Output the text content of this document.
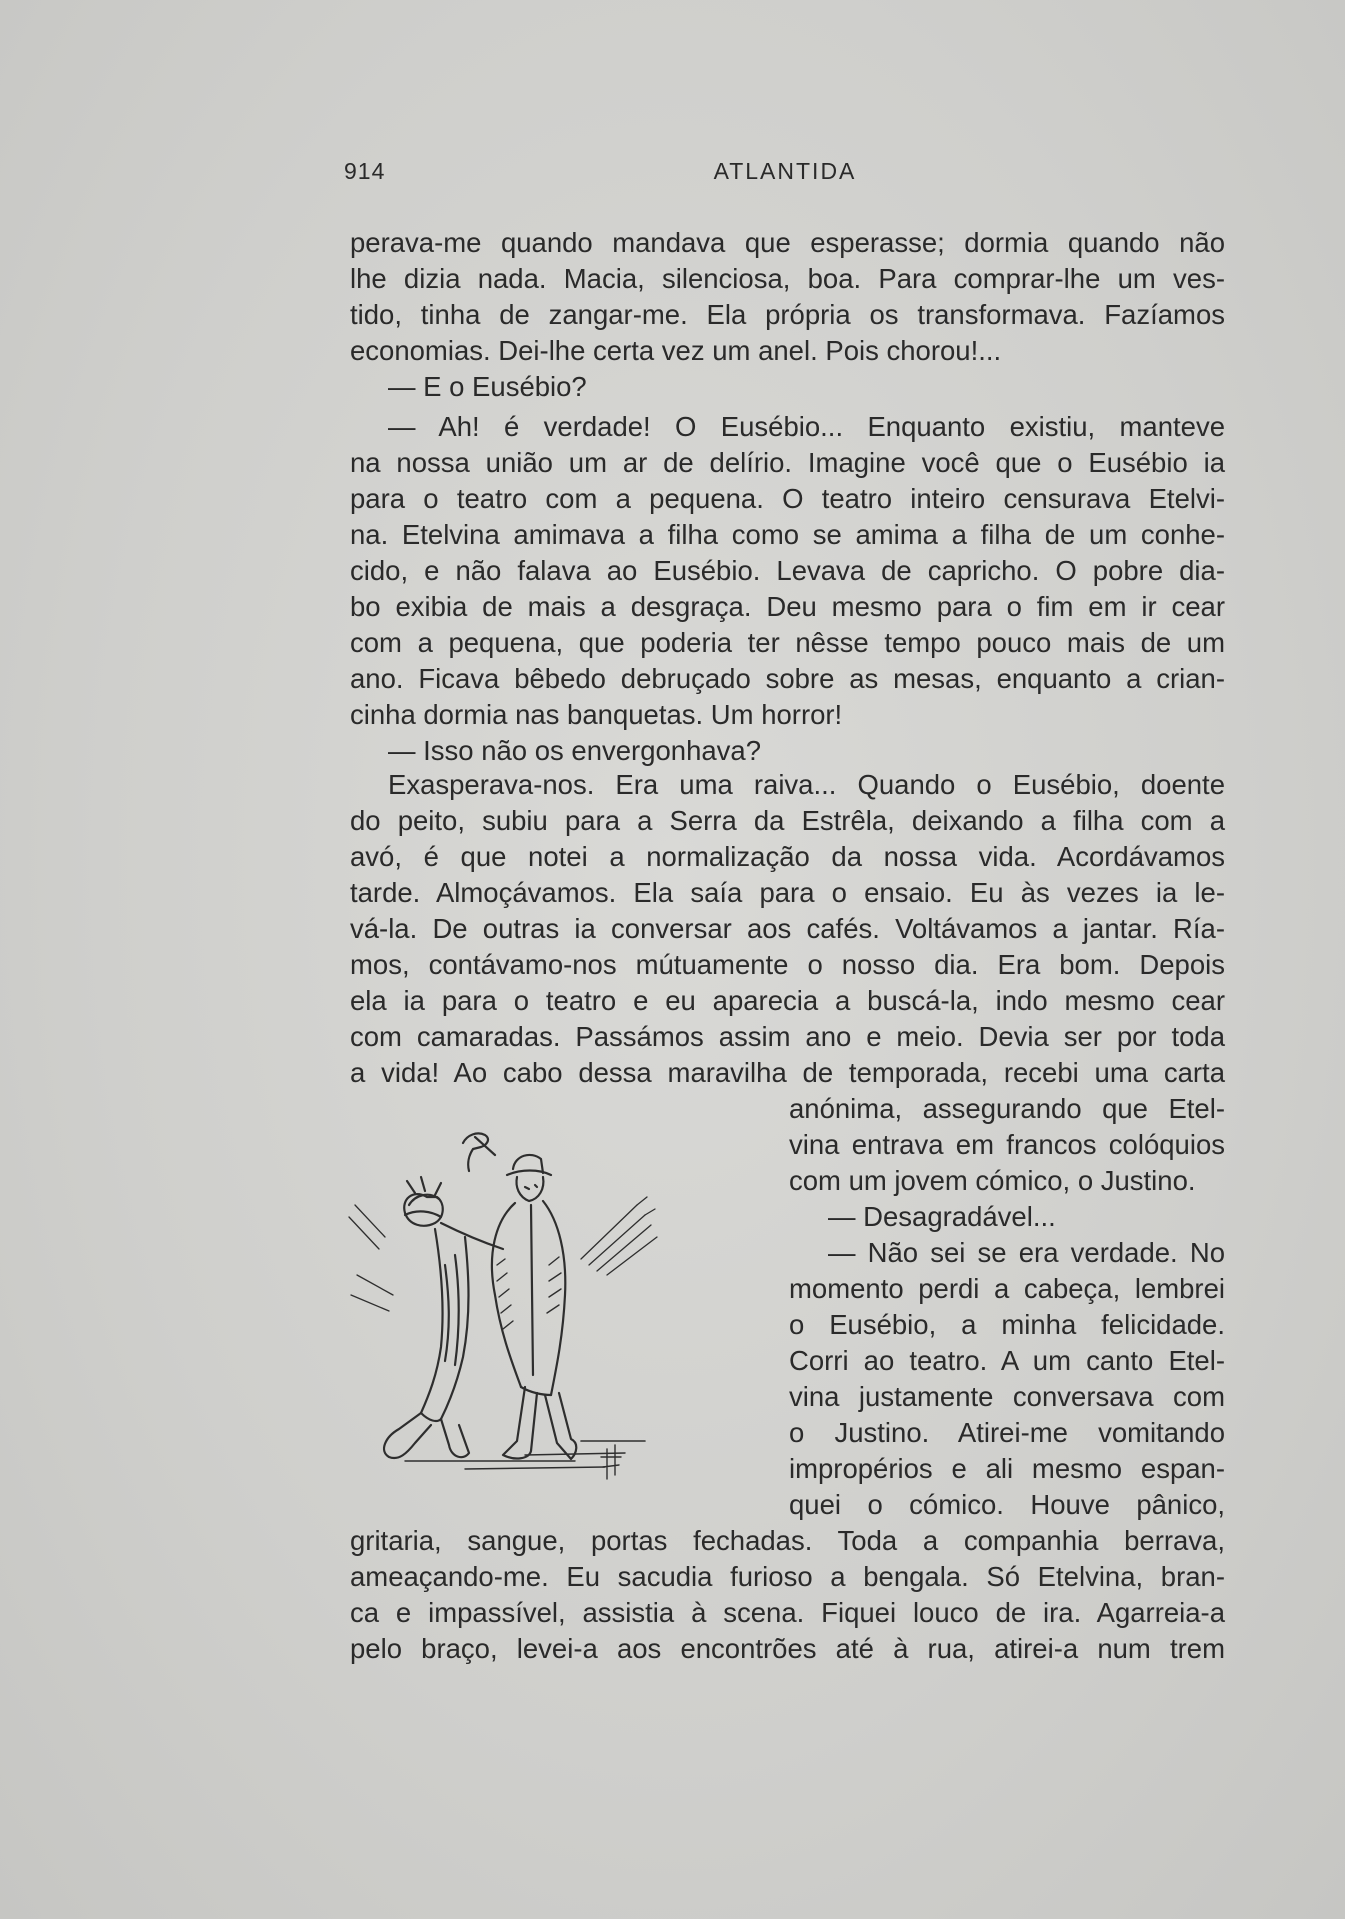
914	ATLANTIDA
perava-me quando mandava que esperasse; dormia quando não
lhe dizia nada. Macia, silenciosa, boa. Para comprar-lhe um ves-
tido, tinha de zangar-me. Ela própria os transformava. Fazíamos
economias. Dei-lhe certa vez um anel. Pois chorou!...
— E o Eusébio?
— Ah! é verdade! O Eusébio... Enquanto existiu, manteve
na nossa união um ar de delírio. Imagine você que o Eusébio ia
para o teatro com a pequena. O teatro inteiro censurava Etelvi-
na. Etelvina amimava a filha como se amima a filha de um conhe-
cido, e não falava ao Eusébio. Levava de capricho. O pobre dia-
bo exibia de mais a desgraça. Deu mesmo para o fim em ir cear
com a pequena, que poderia ter nêsse tempo pouco mais de um
ano. Ficava bêbedo debruçado sobre as mesas, enquanto a crian-
cinha dormia nas banquetas. Um horror!
— Isso não os envergonhava?
Exasperava-nos. Era uma raiva... Quando o Eusébio, doente
do peito, subiu para a Serra da Estrêla, deixando a filha com a
avó, é que notei a normalização da nossa vida. Acordávamos
tarde. Almoçávamos. Ela saía para o ensaio. Eu às vezes ia le-
vá-la. De outras ia conversar aos cafés. Voltávamos a jantar. Ría-
mos, contávamo-nos mútuamente o nosso dia. Era bom. Depois
ela ia para o teatro e eu aparecia a buscá-la, indo mesmo cear
com camaradas. Passámos assim ano e meio. Devia ser por toda
a vida! Ao cabo dessa maravilha de temporada, recebi uma carta
anónima, assegurando que Etel-
vina entrava em francos colóquios
com um jovem cómico, o Justino.
— Desagradável...
— Não sei se era verdade. No
momento perdi a cabeça, lembrei
o Eusébio, a minha felicidade.
Corri ao teatro. A um canto Etel-
vina justamente conversava com
o Justino. Atirei-me vomitando
impropérios e ali mesmo espan-
quei o cómico. Houve pânico,
gritaria, sangue, portas fechadas. Toda a companhia berrava,
ameaçando-me. Eu sacudia furioso a bengala. Só Etelvina, bran-
ca e impassível, assistia à scena. Fiquei louco de ira. Agarreia-a
pelo braço, levei-a aos encontrões até à rua, atirei-a num trem
